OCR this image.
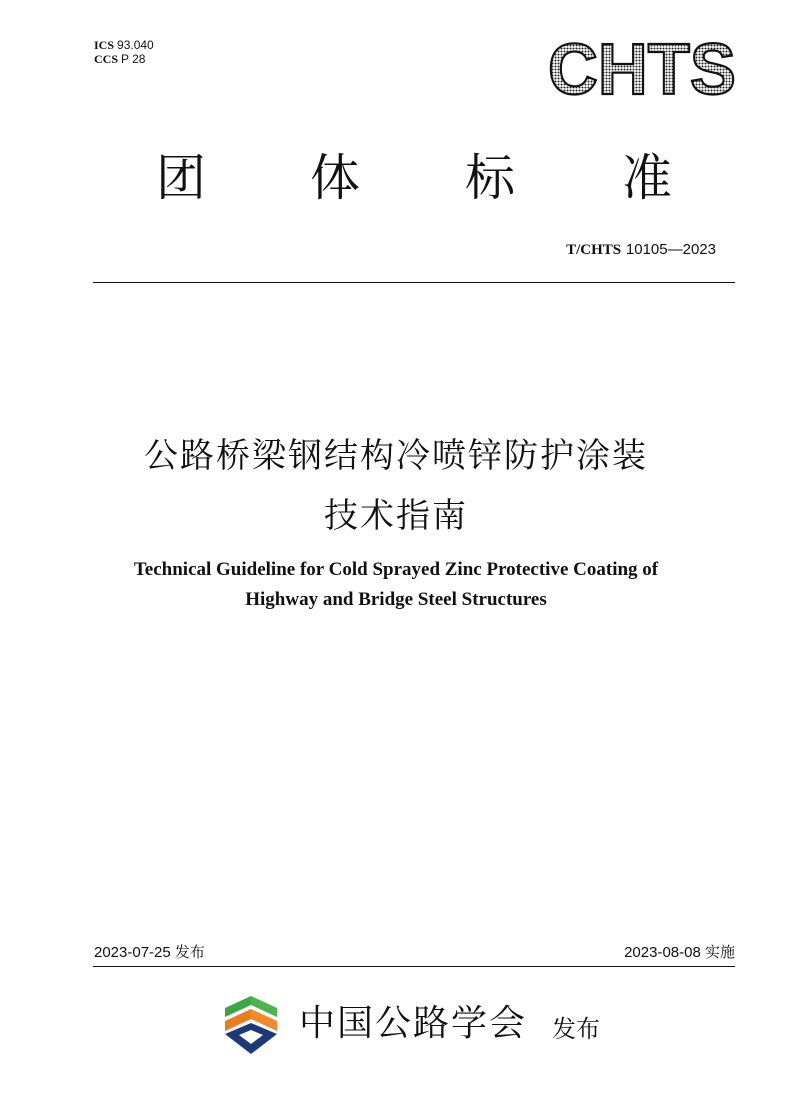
ICS 93.040
CCS P 28	CHTS
团 体 标 准
T/CHTS 10105—2023
公路桥梁钢结构冷喷锌防护涂装
技术指南
Technical Guideline for Cold Sprayed Zinc Protective Coating of
Highway and Bridge Steel Structures
2023-07-25 发布	2023-08-08 实施
中国公路学会 发布
